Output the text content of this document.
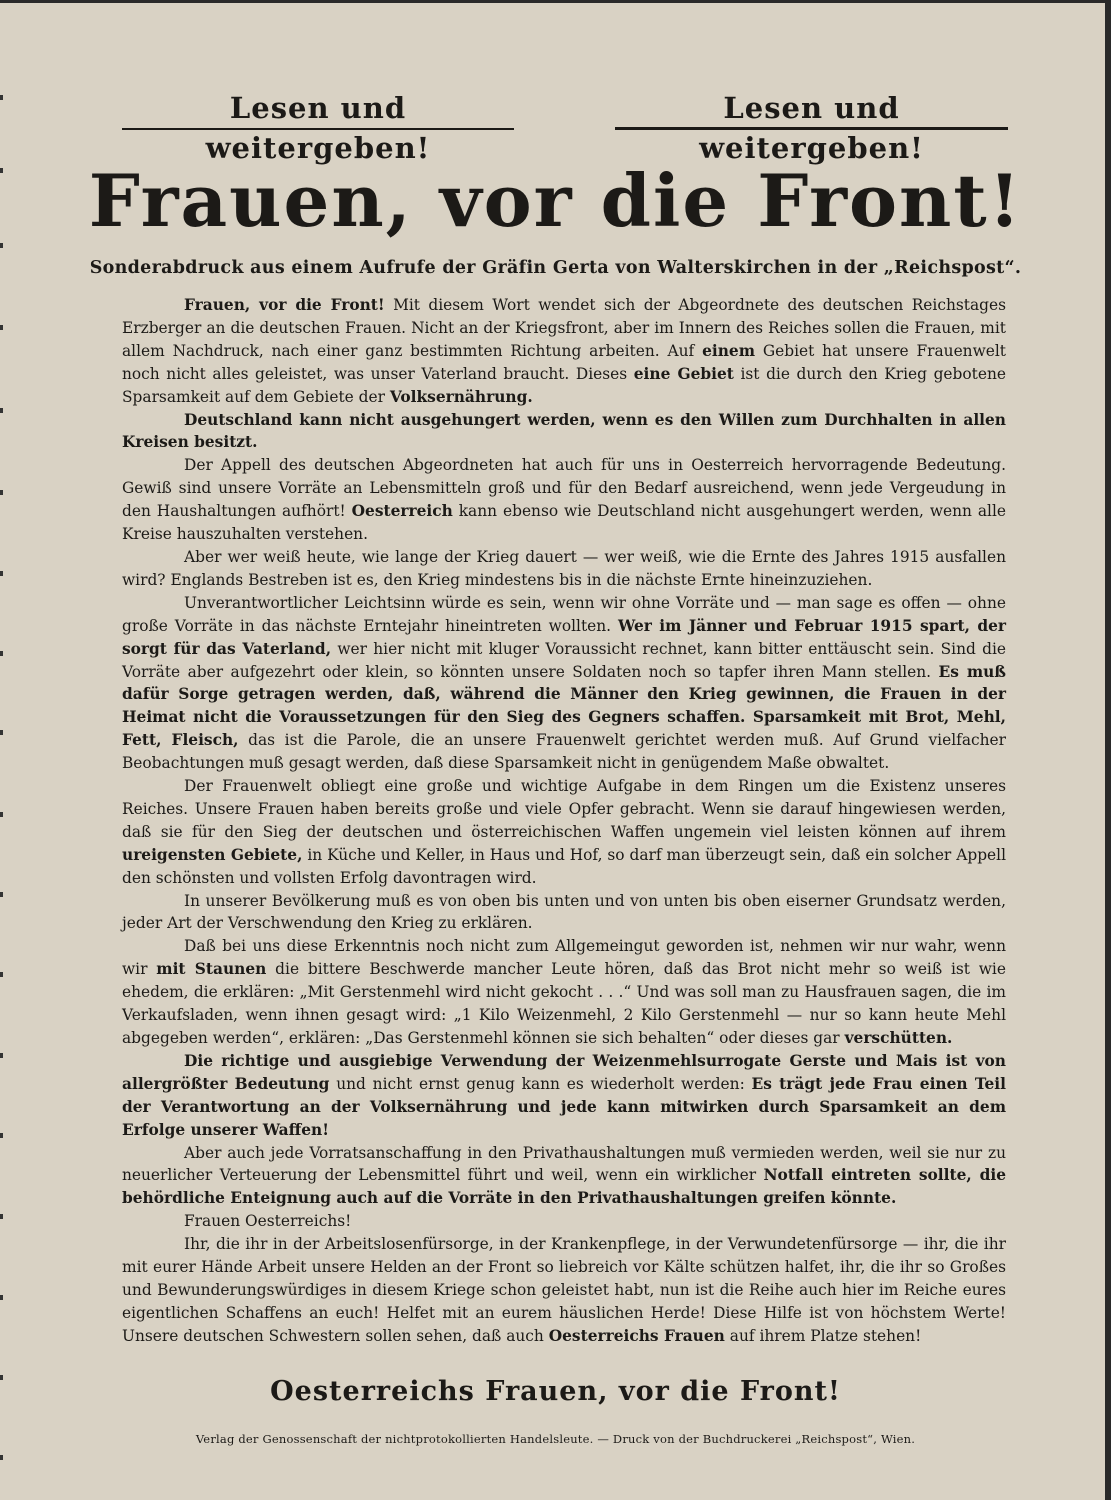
Lesen und weitergeben!
Lesen und weitergeben!
Frauen, vor die Front!
Sonderabdruck aus einem Aufrufe der Gräfin Gerta von Walterskirchen in der „Reichspost“.

Frauen, vor die Front! Mit diesem Wort wendet sich der Abgeordnete des deutschen Reichstages Erzberger an die deutschen Frauen. Nicht an der Kriegsfront, aber im Innern des Reiches sollen die Frauen, mit allem Nachdruck, nach einer ganz bestimmten Richtung arbeiten. Auf einem Gebiet hat unsere Frauenwelt noch nicht alles geleistet, was unser Vaterland braucht. Dieses eine Gebiet ist die durch den Krieg gebotene Sparsamkeit auf dem Gebiete der Volksernährung.

Deutschland kann nicht ausgehungert werden, wenn es den Willen zum Durchhalten in allen Kreisen besitzt.

Der Appell des deutschen Abgeordneten hat auch für uns in Oesterreich hervorragende Bedeutung. Gewiß sind unsere Vorräte an Lebensmitteln groß und für den Bedarf ausreichend, wenn jede Vergeudung in den Haushaltungen aufhört! Oesterreich kann ebenso wie Deutschland nicht ausgehungert werden, wenn alle Kreise hauszuhalten verstehen.

Aber wer weiß heute, wie lange der Krieg dauert — wer weiß, wie die Ernte des Jahres 1915 ausfallen wird? Englands Bestreben ist es, den Krieg mindestens bis in die nächste Ernte hineinzuziehen.

Unverantwortlicher Leichtsinn würde es sein, wenn wir ohne Vorräte und — man sage es offen — ohne große Vorräte in das nächste Erntejahr hineintreten wollten. Wer im Jänner und Februar 1915 spart, der sorgt für das Vaterland, wer hier nicht mit kluger Voraussicht rechnet, kann bitter enttäuscht sein. Sind die Vorräte aber aufgezehrt oder klein, so könnten unsere Soldaten noch so tapfer ihren Mann stellen. Es muß dafür Sorge getragen werden, daß, während die Männer den Krieg gewinnen, die Frauen in der Heimat nicht die Voraussetzungen für den Sieg des Gegners schaffen. Sparsamkeit mit Brot, Mehl, Fett, Fleisch, das ist die Parole, die an unsere Frauenwelt gerichtet werden muß. Auf Grund vielfacher Beobachtungen muß gesagt werden, daß diese Sparsamkeit nicht in genügendem Maße obwaltet.

Der Frauenwelt obliegt eine große und wichtige Aufgabe in dem Ringen um die Existenz unseres Reiches. Unsere Frauen haben bereits große und viele Opfer gebracht. Wenn sie darauf hingewiesen werden, daß sie für den Sieg der deutschen und österreichischen Waffen ungemein viel leisten können auf ihrem ureigensten Gebiete, in Küche und Keller, in Haus und Hof, so darf man überzeugt sein, daß ein solcher Appell den schönsten und vollsten Erfolg davontragen wird.

In unserer Bevölkerung muß es von oben bis unten und von unten bis oben eiserner Grundsatz werden, jeder Art der Verschwendung den Krieg zu erklären.

Daß bei uns diese Erkenntnis noch nicht zum Allgemeingut geworden ist, nehmen wir nur wahr, wenn wir mit Staunen die bittere Beschwerde mancher Leute hören, daß das Brot nicht mehr so weiß ist wie ehedem, die erklären: „Mit Gerstenmehl wird nicht gekocht . . .“ Und was soll man zu Hausfrauen sagen, die im Verkaufsladen, wenn ihnen gesagt wird: „1 Kilo Weizenmehl, 2 Kilo Gerstenmehl — nur so kann heute Mehl abgegeben werden“, erklären: „Das Gerstenmehl können sie sich behalten“ oder dieses gar verschütten.

Die richtige und ausgiebige Verwendung der Weizenmehlsurrogate Gerste und Mais ist von allergrößter Bedeutung und nicht ernst genug kann es wiederholt werden: Es trägt jede Frau einen Teil der Verantwortung an der Volksernährung und jede kann mitwirken durch Sparsamkeit an dem Erfolge unserer Waffen!

Aber auch jede Vorratsanschaffung in den Privathaushaltungen muß vermieden werden, weil sie nur zu neuerlicher Verteuerung der Lebensmittel führt und weil, wenn ein wirklicher Notfall eintreten sollte, die behördliche Enteignung auch auf die Vorräte in den Privathaushaltungen greifen könnte.

Frauen Oesterreichs!

Ihr, die ihr in der Arbeitslosenfürsorge, in der Krankenpflege, in der Verwundetenfürsorge — ihr, die ihr mit eurer Hände Arbeit unsere Helden an der Front so liebreich vor Kälte schützen halfet, ihr, die ihr so Großes und Bewunderungswürdiges in diesem Kriege schon geleistet habt, nun ist die Reihe auch hier im Reiche eures eigentlichen Schaffens an euch! Helfet mit an eurem häuslichen Herde! Diese Hilfe ist von höchstem Werte! Unsere deutschen Schwestern sollen sehen, daß auch Oesterreichs Frauen auf ihrem Platze stehen!

Oesterreichs Frauen, vor die Front!
Verlag der Genossenschaft der nichtprotokollierten Handelsleute. — Druck von der Buchdruckerei „Reichspost“, Wien.
